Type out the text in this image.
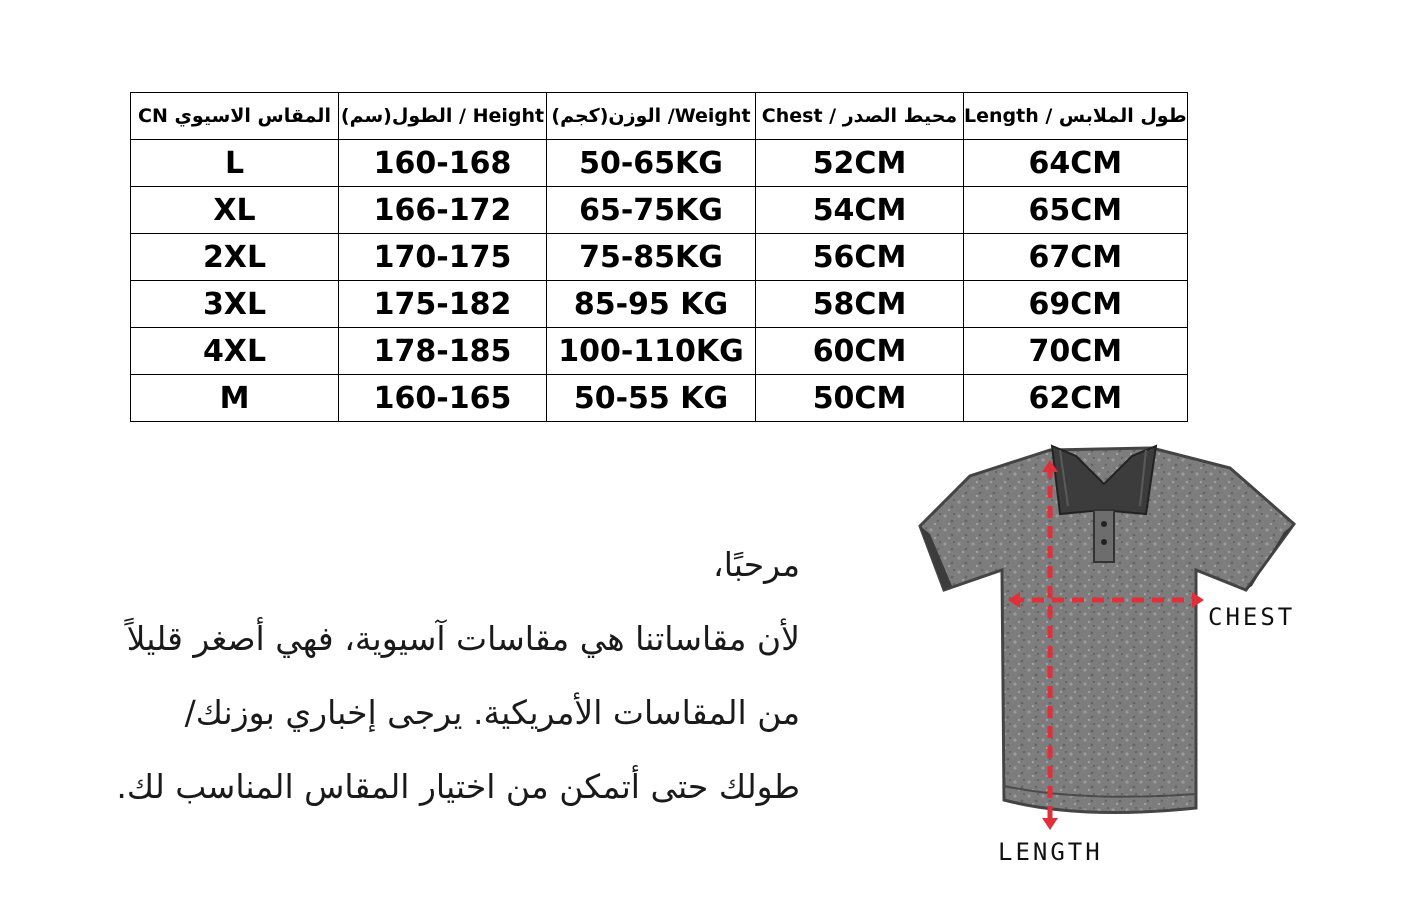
CN المقاس الاسيوي	الطول(سم) / Height	الوزن(كجم) /Weight	Chest / محيط الصدر	Length / طول الملابس
L	160-168	50-65KG	52CM	64CM
XL	166-172	65-75KG	54CM	65CM
2XL	170-175	75-85KG	56CM	67CM
3XL	175-182	85-95 KG	58CM	69CM
4XL	178-185	100-110KG	60CM	70CM
M	160-165	50-55 KG	50CM	62CM

مرحبًا،

لأن مقاساتنا هي مقاسات آسيوية، فهي أصغر قليلاً

من المقاسات الأمريكية. يرجى إخباري بوزنك/

طولك حتى أتمكن من اختيار المقاس المناسب لك.

CHEST
LENGTH
